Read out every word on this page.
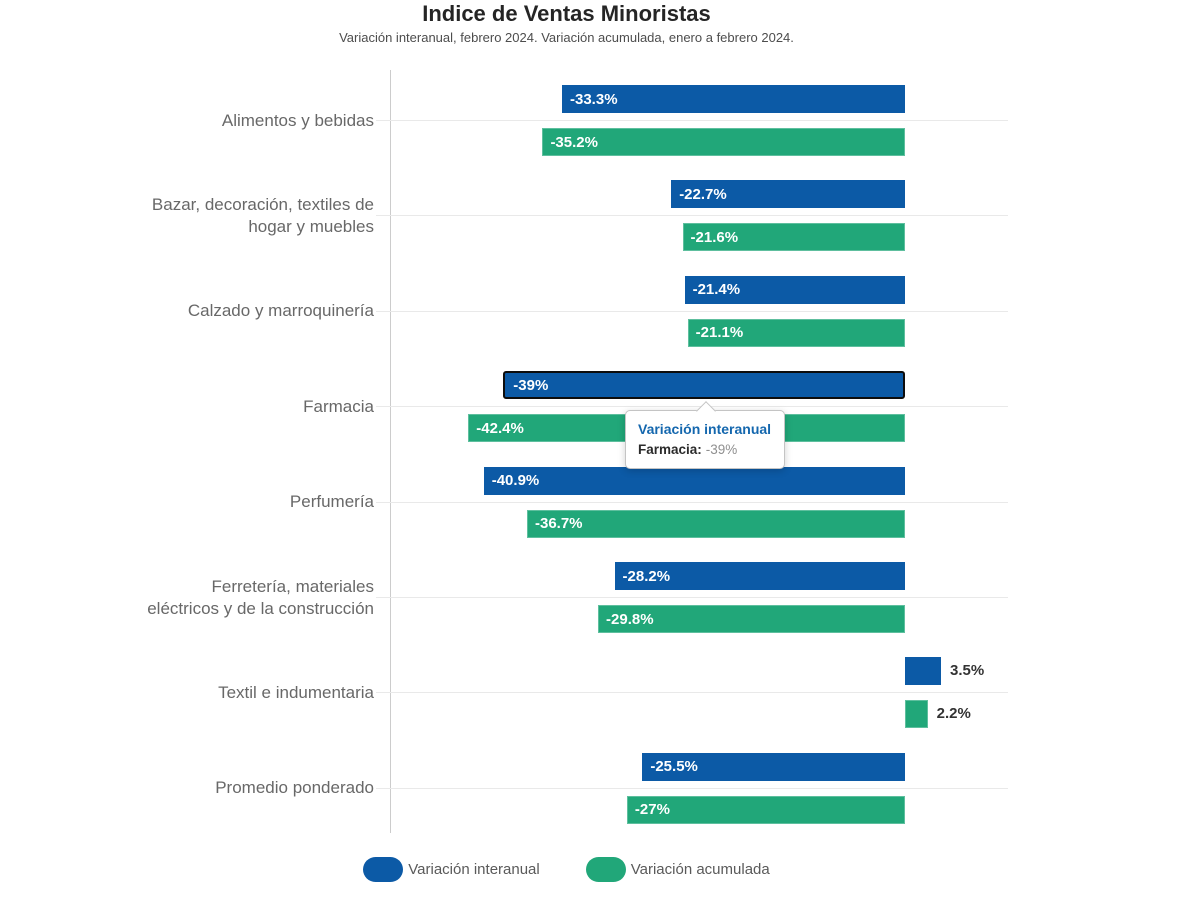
Indice de Ventas Minoristas
Variación interanual, febrero 2024. Variación acumulada, enero a febrero 2024.
Alimentos y bebidas
-33.3%
-35.2%
Bazar, decoración, textiles de
hogar y muebles
-22.7%
-21.6%
Calzado y marroquinería
-21.4%
-21.1%
Farmacia
-39%
-42.4%
Perfumería
-40.9%
-36.7%
Ferretería, materiales
eléctricos y de la construcción
-28.2%
-29.8%
Textil e indumentaria
3.5%
2.2%
Promedio ponderado
-25.5%
-27%
Variación interanual
Farmacia: -39%
Variación interanual	Variación acumulada
